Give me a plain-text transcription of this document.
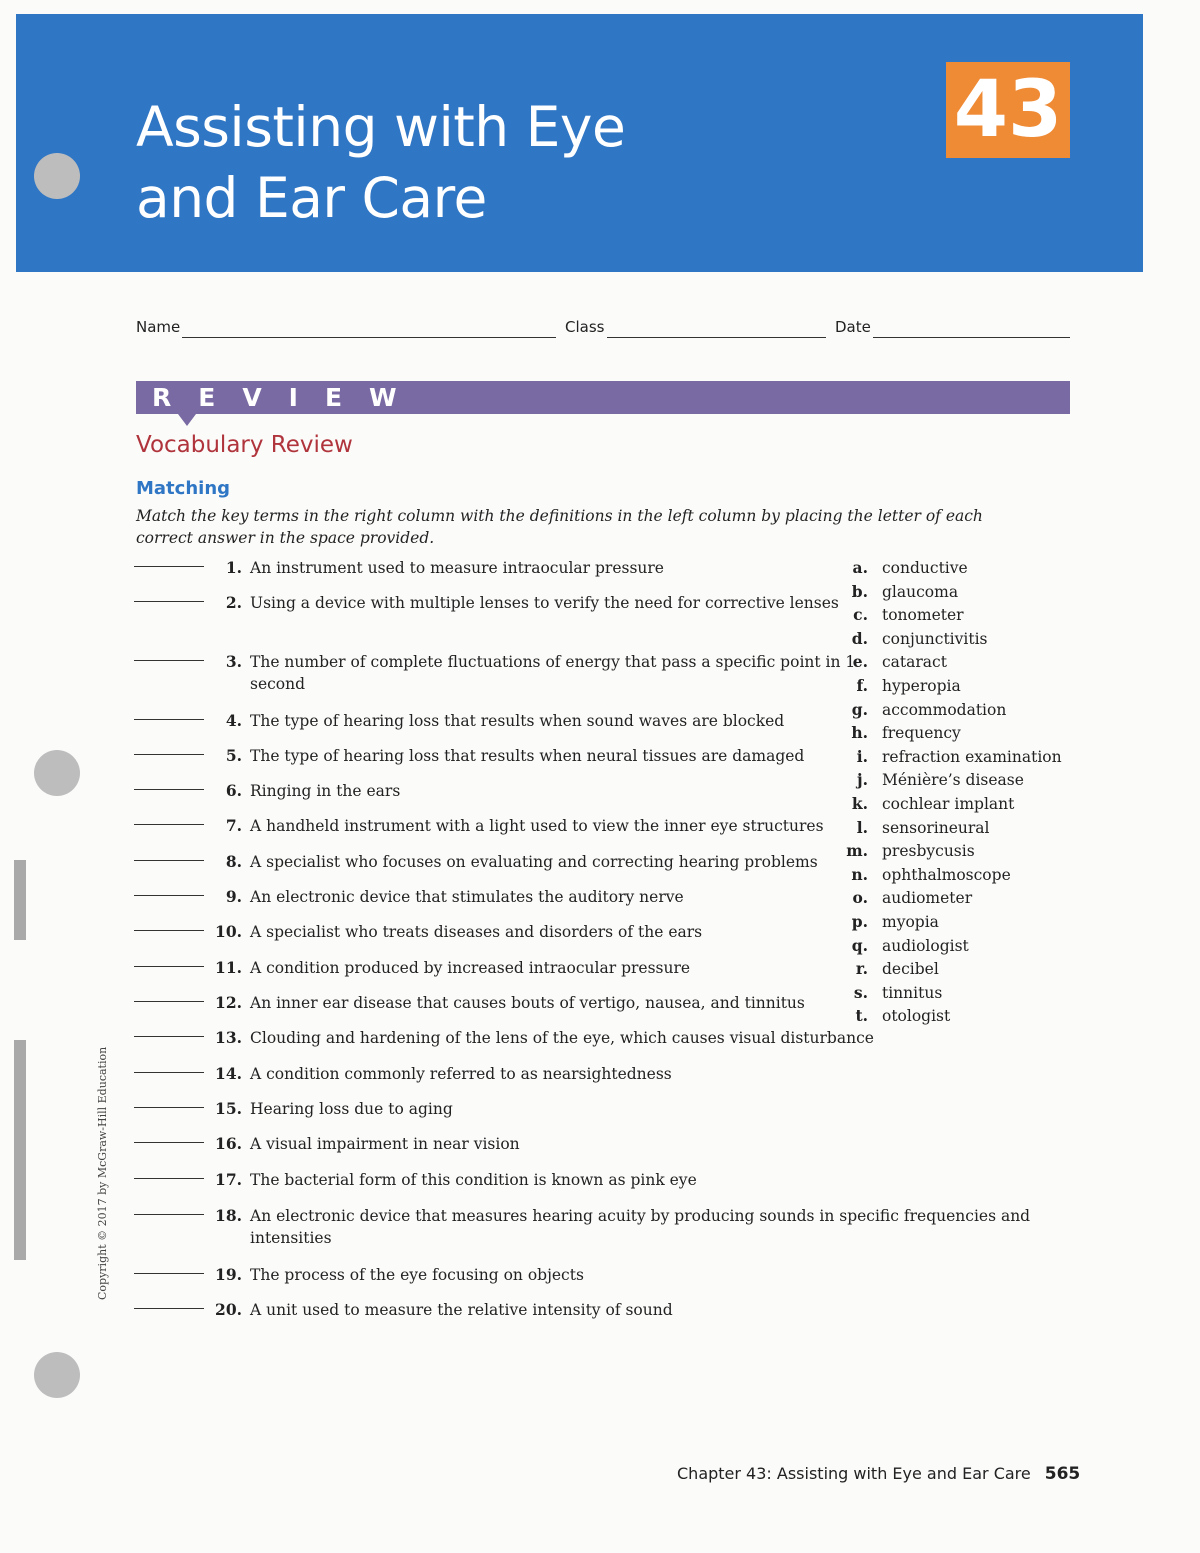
Assisting with Eye
and Ear Care
43
Name	Class	Date
REVIEW
Vocabulary Review
Matching
Match the key terms in the right column with the definitions in the left column by placing the letter of each correct answer in the space provided.
1. An instrument used to measure intraocular pressure
2. Using a device with multiple lenses to verify the need for corrective lenses
3. The number of complete fluctuations of energy that pass a specific point in 1 second
4. The type of hearing loss that results when sound waves are blocked
5. The type of hearing loss that results when neural tissues are damaged
6. Ringing in the ears
7. A handheld instrument with a light used to view the inner eye structures
8. A specialist who focuses on evaluating and correcting hearing problems
9. An electronic device that stimulates the auditory nerve
10. A specialist who treats diseases and disorders of the ears
11. A condition produced by increased intraocular pressure
12. An inner ear disease that causes bouts of vertigo, nausea, and tinnitus
13. Clouding and hardening of the lens of the eye, which causes visual disturbance
14. A condition commonly referred to as nearsightedness
15. Hearing loss due to aging
16. A visual impairment in near vision
17. The bacterial form of this condition is known as pink eye
18. An electronic device that measures hearing acuity by producing sounds in specific frequencies and intensities
19. The process of the eye focusing on objects
20. A unit used to measure the relative intensity of sound
a. conductive
b. glaucoma
c. tonometer
d. conjunctivitis
e. cataract
f. hyperopia
g. accommodation
h. frequency
i. refraction examination
j. Ménière’s disease
k. cochlear implant
l. sensorineural
m. presbycusis
n. ophthalmoscope
o. audiometer
p. myopia
q. audiologist
r. decibel
s. tinnitus
t. otologist
Copyright © 2017 by McGraw-Hill Education
Chapter 43: Assisting with Eye and Ear Care 565
